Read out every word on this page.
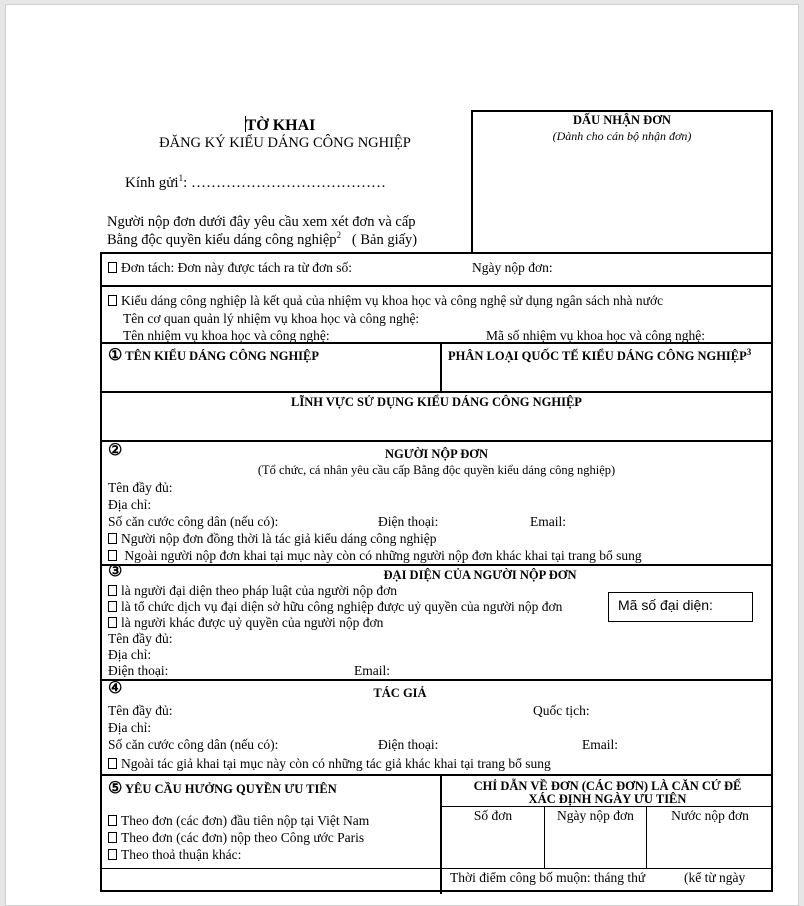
TỜ KHAI
ĐĂNG KÝ KIỂU DÁNG CÔNG NGHIỆP
Kính gửi$^1$: …………………………………
Người nộp đơn dưới đây yêu cầu xem xét đơn và cấp
Bằng độc quyền kiểu dáng công nghiệp$^2$ ( Bản giấy)
DẤU NHẬN ĐƠN
(Dành cho cán bộ nhận đơn)
Đơn tách: Đơn này được tách ra từ đơn số:	Ngày nộp đơn:
Kiểu dáng công nghiệp là kết quả của nhiệm vụ khoa học và công nghệ sử dụng ngân sách nhà nước
Tên cơ quan quản lý nhiệm vụ khoa học và công nghệ:
Tên nhiệm vụ khoa học và công nghệ:	Mã số nhiệm vụ khoa học và công nghệ:
① TÊN KIỂU DÁNG CÔNG NGHIỆP	PHÂN LOẠI QUỐC TẾ KIỂU DÁNG CÔNG NGHIỆP$^3$
LĨNH VỰC SỬ DỤNG KIỂU DÁNG CÔNG NGHIỆP
②	NGƯỜI NỘP ĐƠN
(Tổ chức, cá nhân yêu cầu cấp Bằng độc quyền kiểu dáng công nghiệp)
Tên đầy đủ:
Địa chỉ:
Số căn cước công dân (nếu có):	Điện thoại:	Email:
Người nộp đơn đồng thời là tác giả kiểu dáng công nghiệp
Ngoài người nộp đơn khai tại mục này còn có những người nộp đơn khác khai tại trang bổ sung
③	ĐẠI DIỆN CỦA NGƯỜI NỘP ĐƠN
là người đại diện theo pháp luật của người nộp đơn
là tổ chức dịch vụ đại diện sở hữu công nghiệp được uỷ quyền của người nộp đơn
là người khác được uỷ quyền của người nộp đơn
Mã số đại diện:
Tên đầy đủ:
Địa chỉ:
Điện thoại:	Email:
④	TÁC GIẢ
Tên đầy đủ:	Quốc tịch:
Địa chỉ:
Số căn cước công dân (nếu có):	Điện thoại:	Email:
Ngoài tác giả khai tại mục này còn có những tác giả khác khai tại trang bổ sung
⑤ YÊU CẦU HƯỞNG QUYỀN ƯU TIÊN	CHỈ DẪN VỀ ĐƠN (CÁC ĐƠN) LÀ CĂN CỨ ĐỂ
XÁC ĐỊNH NGÀY ƯU TIÊN
Theo đơn (các đơn) đầu tiên nộp tại Việt Nam
Theo đơn (các đơn) nộp theo Công ước Paris
Theo thoả thuận khác:
Số đơn	Ngày nộp đơn	Nước nộp đơn
Thời điểm công bố muộn: tháng thứ	(kể từ ngày
